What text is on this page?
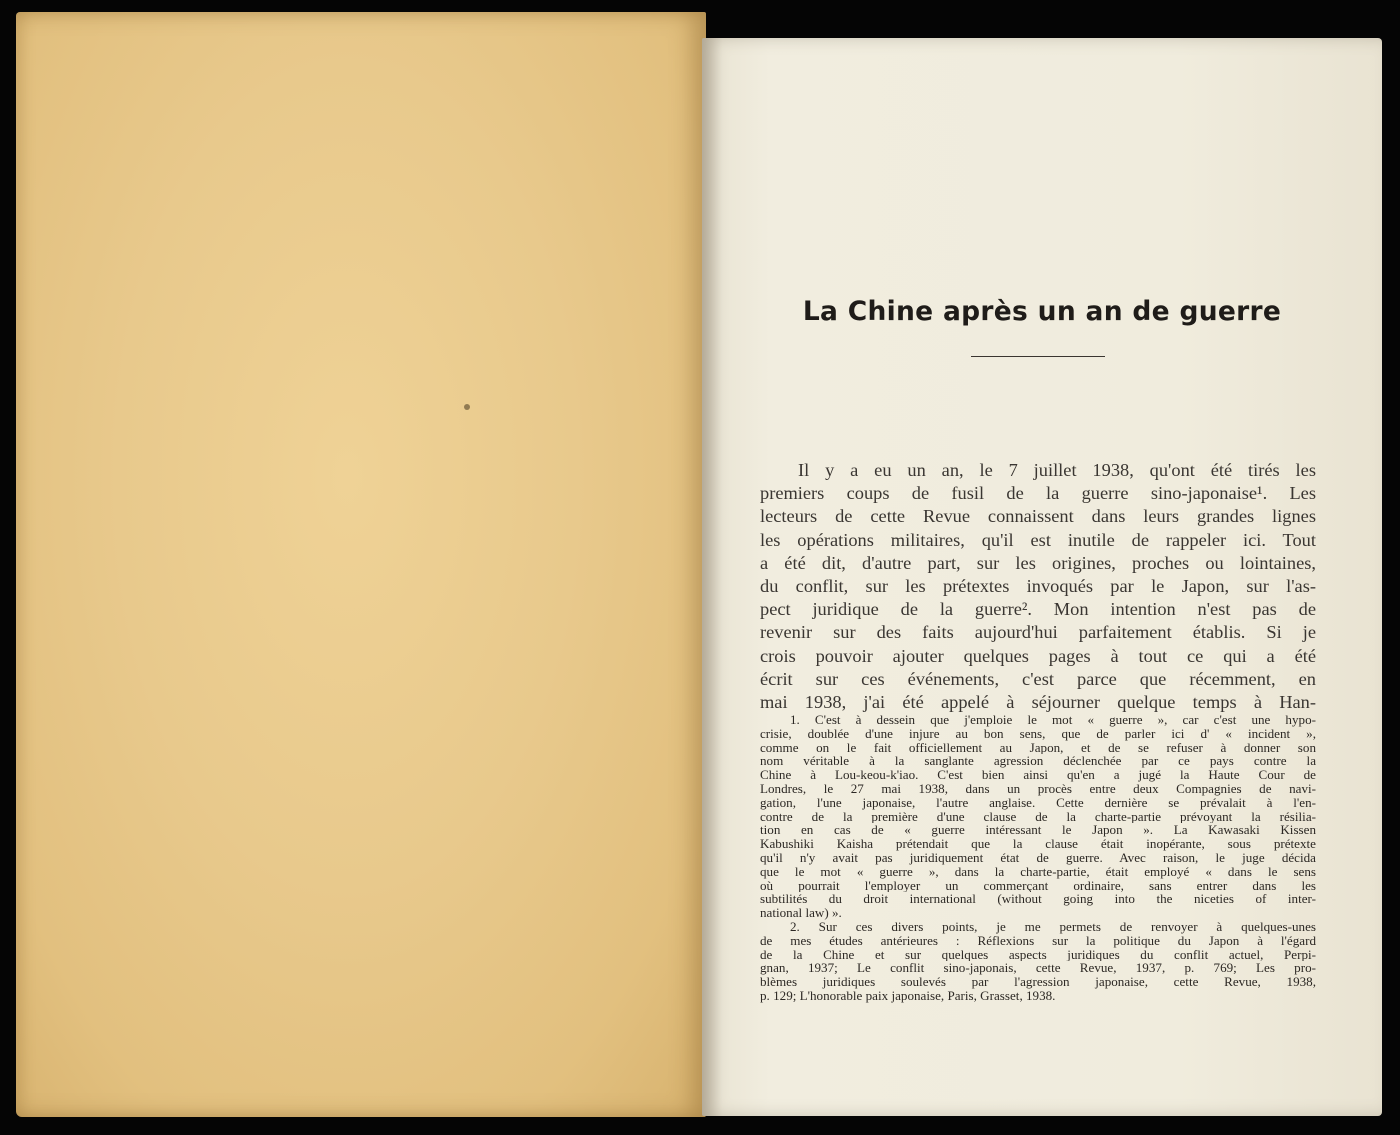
La Chine après un an de guerre
Il y a eu un an, le 7 juillet 1938, qu'ont été tirés les
premiers coups de fusil de la guerre sino-japonaise¹. Les
lecteurs de cette Revue connaissent dans leurs grandes lignes
les opérations militaires, qu'il est inutile de rappeler ici. Tout
a été dit, d'autre part, sur les origines, proches ou lointaines,
du conflit, sur les prétextes invoqués par le Japon, sur l'as-
pect juridique de la guerre². Mon intention n'est pas de
revenir sur des faits aujourd'hui parfaitement établis. Si je
crois pouvoir ajouter quelques pages à tout ce qui a été
écrit sur ces événements, c'est parce que récemment, en
mai 1938, j'ai été appelé à séjourner quelque temps à Han-
1. C'est à dessein que j'emploie le mot « guerre », car c'est une hypo-
crisie, doublée d'une injure au bon sens, que de parler ici d' « incident »,
comme on le fait officiellement au Japon, et de se refuser à donner son
nom véritable à la sanglante agression déclenchée par ce pays contre la
Chine à Lou-keou-k'iao. C'est bien ainsi qu'en a jugé la Haute Cour de
Londres, le 27 mai 1938, dans un procès entre deux Compagnies de navi-
gation, l'une japonaise, l'autre anglaise. Cette dernière se prévalait à l'en-
contre de la première d'une clause de la charte-partie prévoyant la résilia-
tion en cas de « guerre intéressant le Japon ». La Kawasaki Kissen
Kabushiki Kaisha prétendait que la clause était inopérante, sous prétexte
qu'il n'y avait pas juridiquement état de guerre. Avec raison, le juge décida
que le mot « guerre », dans la charte-partie, était employé « dans le sens
où pourrait l'employer un commerçant ordinaire, sans entrer dans les
subtilités du droit international (without going into the niceties of inter-
national law) ».
2. Sur ces divers points, je me permets de renvoyer à quelques-unes
de mes études antérieures : Réflexions sur la politique du Japon à l'égard
de la Chine et sur quelques aspects juridiques du conflit actuel, Perpi-
gnan, 1937; Le conflit sino-japonais, cette Revue, 1937, p. 769; Les pro-
blèmes juridiques soulevés par l'agression japonaise, cette Revue, 1938,
p. 129; L'honorable paix japonaise, Paris, Grasset, 1938.
